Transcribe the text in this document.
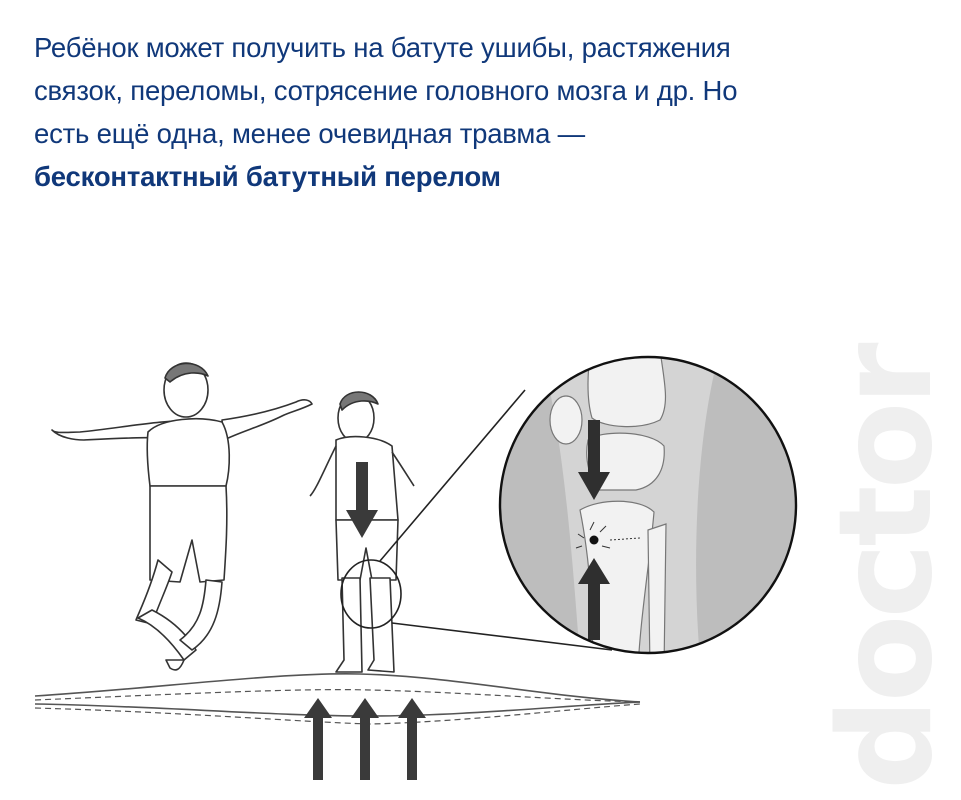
doctor
Ребёнок может получить на батуте ушибы, растяжения связок, переломы, сотрясение головного мозга и др. Но есть ещё одна, менее очевидная травма — бесконтактный батутный перелом
